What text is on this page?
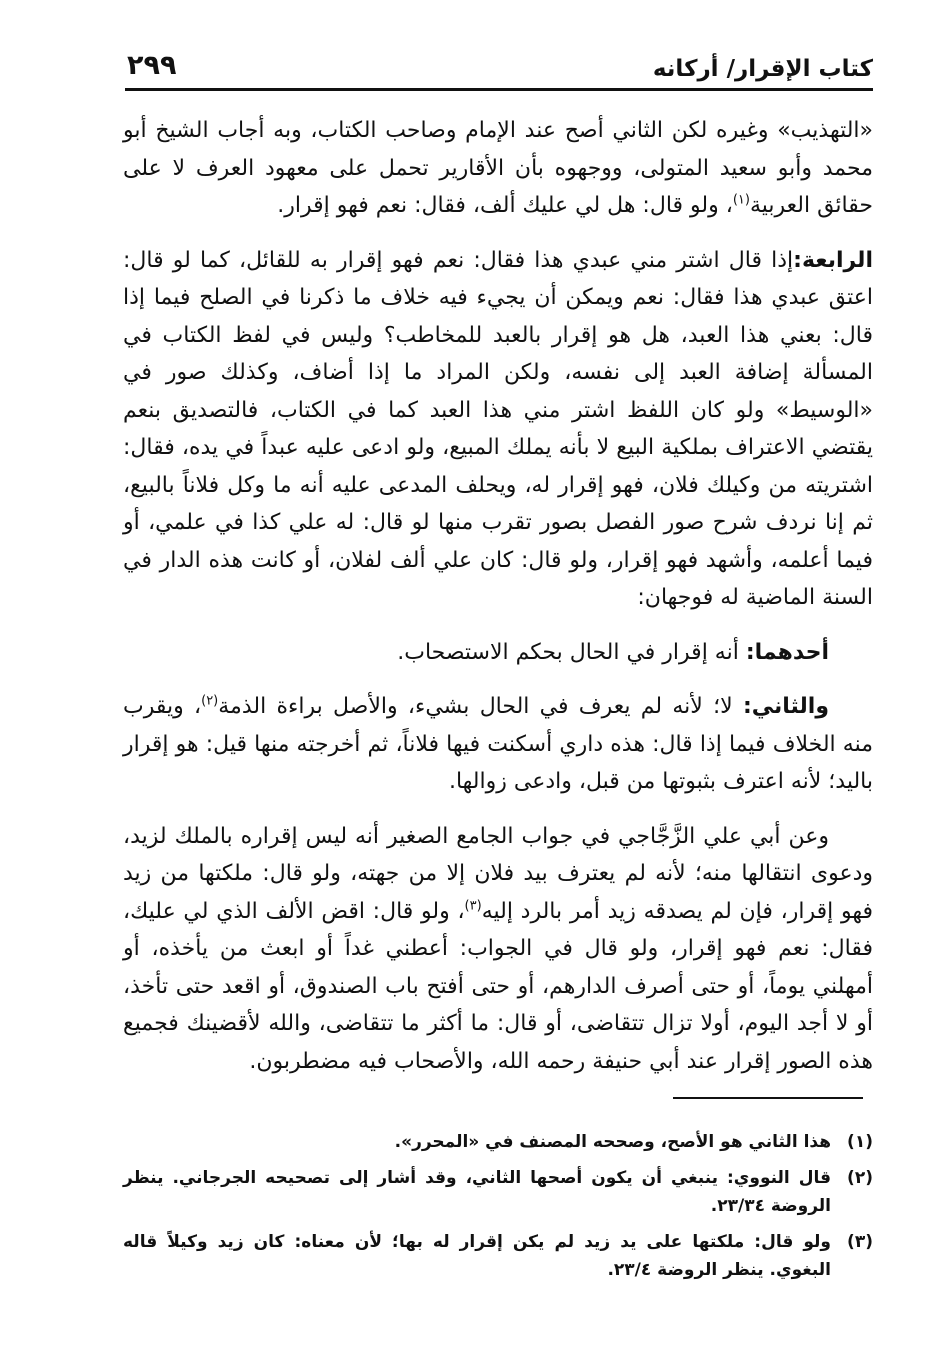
كتاب الإقرار/ أركانه
٢٩٩

«التهذيب» وغيره لكن الثاني أصح عند الإمام وصاحب الكتاب، وبه أجاب الشيخ أبو محمد وأبو سعيد المتولى، ووجهوه بأن الأقارير تحمل على معهود العرف لا على حقائق العربية$^{(١)}$، ولو قال: هل لي عليك ألف، فقال: نعم فهو إقرار.

الرابعة:إذا قال اشتر مني عبدي هذا فقال: نعم فهو إقرار به للقائل، كما لو قال: اعتق عبدي هذا فقال: نعم ويمكن أن يجيء فيه خلاف ما ذكرنا في الصلح فيما إذا قال: بعني هذا العبد، هل هو إقرار بالعبد للمخاطب؟ وليس في لفظ الكتاب في المسألة إضافة العبد إلى نفسه، ولكن المراد ما إذا أضاف، وكذلك صور في «الوسيط» ولو كان اللفظ اشتر مني هذا العبد كما في الكتاب، فالتصديق بنعم يقتضي الاعتراف بملكية البيع لا بأنه يملك المبيع، ولو ادعى عليه عبداً في يده، فقال: اشتريته من وكيلك فلان، فهو إقرار له، ويحلف المدعى عليه أنه ما وكل فلاناً بالبيع، ثم إنا نردف شرح صور الفصل بصور تقرب منها لو قال: له علي كذا في علمي، أو فيما أعلمه، وأشهد فهو إقرار، ولو قال: كان علي ألف لفلان، أو كانت هذه الدار في السنة الماضية له فوجهان:

أحدهما: أنه إقرار في الحال بحكم الاستصحاب.

والثاني: لا؛ لأنه لم يعرف في الحال بشيء، والأصل براءة الذمة$^{(٢)}$، ويقرب منه الخلاف فيما إذا قال: هذه داري أسكنت فيها فلاناً، ثم أخرجته منها قيل: هو إقرار باليد؛ لأنه اعترف بثبوتها من قبل، وادعى زوالها.

وعن أبي علي الزَّجَّاجي في جواب الجامع الصغير أنه ليس إقراره بالملك لزيد، ودعوى انتقالها منه؛ لأنه لم يعترف بيد فلان إلا من جهته، ولو قال: ملكتها من زيد فهو إقرار، فإن لم يصدقه زيد أمر بالرد إليه$^{(٣)}$، ولو قال: اقض الألف الذي لي عليك، فقال: نعم فهو إقرار، ولو قال في الجواب: أعطني غداً أو ابعث من يأخذه، أو أمهلني يوماً، أو حتى أصرف الدارهم، أو حتى أفتح باب الصندوق، أو اقعد حتى تأخذ، أو لا أجد اليوم، أولا تزال تتقاضى، أو قال: ما أكثر ما تتقاضى، والله لأقضينك فجميع هذه الصور إقرار عند أبي حنيفة رحمه الله، والأصحاب فيه مضطربون.

(١)
هذا الثاني هو الأصح، وصححه المصنف في «المحرر».
(٢)
قال النووي: ينبغي أن يكون أصحها الثاني، وقد أشار إلى تصحيحه الجرجاني. ينظر الروضة ٢٣/٣٤.
(٣)
ولو قال: ملكتها على يد زيد لم يكن إقرار له بها؛ لأن معناه: كان زيد وكيلاً قاله البغوي. ينظر الروضة ٢٣/٤.
